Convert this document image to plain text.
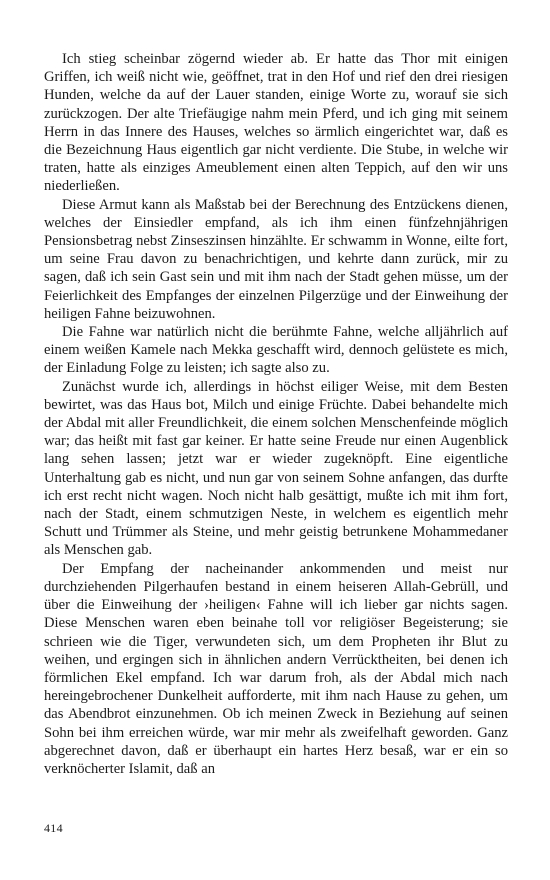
Ich stieg scheinbar zögernd wieder ab. Er hatte das Thor mit einigen Griffen, ich weiß nicht wie, geöffnet, trat in den Hof und rief den drei riesigen Hunden, welche da auf der Lauer standen, einige Worte zu, worauf sie sich zurückzogen. Der alte Triefäugige nahm mein Pferd, und ich ging mit seinem Herrn in das Innere des Hauses, welches so ärmlich eingerichtet war, daß es die Bezeichnung Haus eigentlich gar nicht verdiente. Die Stube, in welche wir traten, hatte als einziges Ameublement einen alten Teppich, auf den wir uns niederließen.

Diese Armut kann als Maßstab bei der Berechnung des Entzückens dienen, welches der Einsiedler empfand, als ich ihm einen fünfzehnjährigen Pensionsbetrag nebst Zinseszinsen hinzählte. Er schwamm in Wonne, eilte fort, um seine Frau davon zu benachrichtigen, und kehrte dann zurück, mir zu sagen, daß ich sein Gast sein und mit ihm nach der Stadt gehen müsse, um der Feierlichkeit des Empfanges der einzelnen Pilgerzüge und der Einweihung der heiligen Fahne beizuwohnen.

Die Fahne war natürlich nicht die berühmte Fahne, welche alljährlich auf einem weißen Kamele nach Mekka geschafft wird, dennoch gelüstete es mich, der Einladung Folge zu leisten; ich sagte also zu.

Zunächst wurde ich, allerdings in höchst eiliger Weise, mit dem Besten bewirtet, was das Haus bot, Milch und einige Früchte. Dabei behandelte mich der Abdal mit aller Freundlichkeit, die einem solchen Menschenfeinde möglich war; das heißt mit fast gar keiner. Er hatte seine Freude nur einen Augenblick lang sehen lassen; jetzt war er wieder zugeknöpft. Eine eigentliche Unterhaltung gab es nicht, und nun gar von seinem Sohne anfangen, das durfte ich erst recht nicht wagen. Noch nicht halb gesättigt, mußte ich mit ihm fort, nach der Stadt, einem schmutzigen Neste, in welchem es eigentlich mehr Schutt und Trümmer als Steine, und mehr geistig betrunkene Mohammedaner als Menschen gab.

Der Empfang der nacheinander ankommenden und meist nur durchziehenden Pilgerhaufen bestand in einem heiseren Allah-Gebrüll, und über die Einweihung der ›heiligen‹ Fahne will ich lieber gar nichts sagen. Diese Menschen waren eben beinahe toll vor religiöser Begeisterung; sie schrieen wie die Tiger, verwundeten sich, um dem Propheten ihr Blut zu weihen, und ergingen sich in ähnlichen andern Verrücktheiten, bei denen ich förmlichen Ekel empfand. Ich war darum froh, als der Abdal mich nach hereingebrochener Dunkelheit aufforderte, mit ihm nach Hause zu gehen, um das Abendbrot einzunehmen. Ob ich meinen Zweck in Beziehung auf seinen Sohn bei ihm erreichen würde, war mir mehr als zweifelhaft geworden. Ganz abgerechnet davon, daß er überhaupt ein hartes Herz besaß, war er ein so verknöcherter Islamit, daß an

414
